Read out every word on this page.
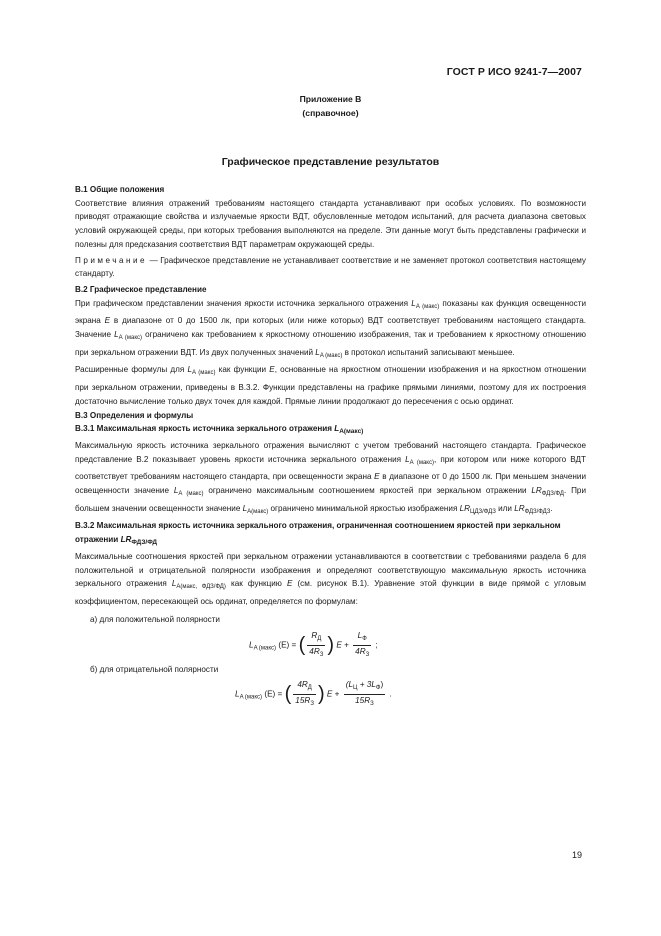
ГОСТ Р ИСО 9241-7—2007
Приложение В
(справочное)
Графическое представление результатов

В.1 Общие положения

Соответствие влияния отражений требованиям настоящего стандарта устанавливают при особых условиях. По возможности приводят отражающие свойства и излучаемые яркости ВДТ, обусловленные методом испытаний, для расчета диапазона световых условий окружающей среды, при которых требования выполняются на пределе. Эти данные могут быть представлены графически и полезны для предсказания соответствия ВДТ параметрам окружающей среды.

Примечание — Графическое представление не устанавливает соответствие и не заменяет протокол соответствия настоящему стандарту.

В.2 Графическое представление

При графическом представлении значения яркости источника зеркального отражения $L_{A (макс)}$ показаны как функция освещенности экрана E в диапазоне от 0 до 1500 лк, при которых (или ниже которых) ВДТ соответствует требованиям настоящего стандарта. Значение $L_{A (макс)}$ ограничено как требованием к яркостному отношению изображения, так и требованием к яркостному отношению при зеркальном отражении ВДТ. Из двух полученных значений $L_{A (макс)}$ в протокол испытаний записывают меньшее.

Расширенные формулы для $L_{A (макс)}$ как функции E, основанные на яркостном отношении изображения и на яркостном отношении при зеркальном отражении, приведены в В.3.2. Функции представлены на графике прямыми линиями, поэтому для их построения достаточно вычисление только двух точек для каждой. Прямые линии продолжают до пересечения с осью ординат.

В.3 Определения и формулы

В.3.1 Максимальная яркость источника зеркального отражения $L_{A(макс)}$

Максимальную яркость источника зеркального отражения вычисляют с учетом требований настоящего стандарта. Графическое представление В.2 показывает уровень яркости источника зеркального отражения $L_{A (макс)}$, при котором или ниже которого ВДТ соответствует требованиям настоящего стандарта, при освещенности экрана E в диапазоне от 0 до 1500 лк. При меньшем значении освещенности значение $L_{A (макс)}$ ограничено максимальным соотношением яркостей при зеркальном отражении $LR_{ФДЗ/ФД}$. При большем значении освещенности значение $L_{A(макс)}$ ограничено минимальной яркостью изображения $LR_{ЦДЗ/ФДЗ}$ или $LR_{ФДЗ/ФДЗ}$.

В.3.2 Максимальная яркость источника зеркального отражения, ограниченная соотношением яркостей при зеркальном отражении $LR_{ФДЗ/ФД}$

Максимальные соотношения яркостей при зеркальном отражении устанавливаются в соответствии с требованиями раздела 6 для положительной и отрицательной полярности изображения и определяют соответствующую максимальную яркость источника зеркального отражения $L_{A(макс, ФДЗ/ФД)}$ как функцию E (см. рисунок В.1). Уравнение этой функции в виде прямой с угловым коэффициентом, пересекающей ось ординат, определяется по формулам:

а) для положительной полярности
$L_{A (макс)}$ (E) = ( $\frac{R_Д}{4R_З}$ ) $E + \frac{L_Ф}{4R_З}$ ;
б) для отрицательной полярности
$L_{A (макс)}$ (E) = ( $\frac{4R_Д}{15R_З}$ ) $E + \frac{(L_Ц + 3L_Ф)}{15R_З}$ .
19
